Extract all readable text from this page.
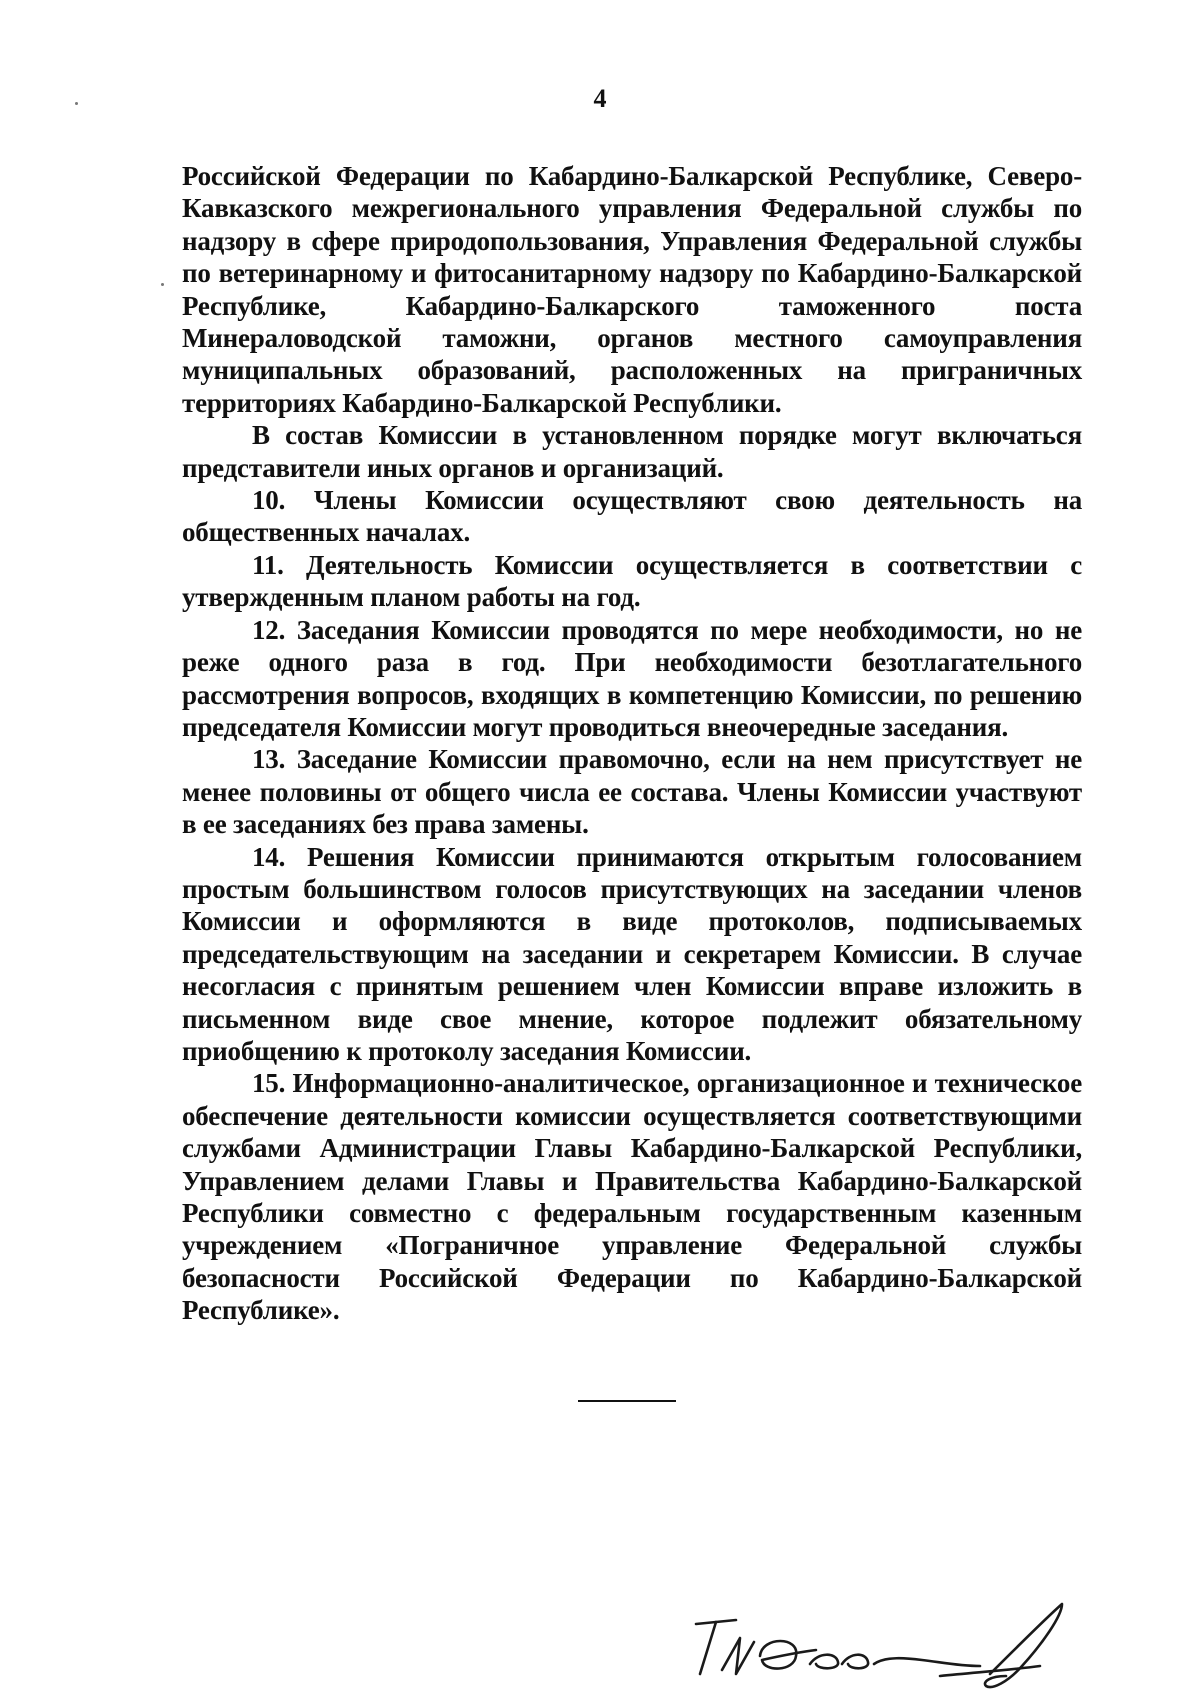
4

Российской Федерации по Кабардино-Балкарской Республике, Северо-Кавказского межрегионального управления Федеральной службы по надзору в сфере природопользования, Управления Федеральной службы по ветеринарному и фитосанитарному надзору по Кабардино-Балкарской Республике, Кабардино-Балкарского таможенного поста Минераловодской таможни, органов местного самоуправления муниципальных образований, расположенных на приграничных территориях Кабардино-Балкарской Республики.

В состав Комиссии в установленном порядке могут включаться представители иных органов и организаций.

10. Члены Комиссии осуществляют свою деятельность на общественных началах.

11. Деятельность Комиссии осуществляется в соответствии с утвержденным планом работы на год.

12. Заседания Комиссии проводятся по мере необходимости, но не реже одного раза в год. При необходимости безотлагательного рассмотрения вопросов, входящих в компетенцию Комиссии, по решению председателя Комиссии могут проводиться внеочередные заседания.

13. Заседание Комиссии правомочно, если на нем присутствует не менее половины от общего числа ее состава. Члены Комиссии участвуют в ее заседаниях без права замены.

14. Решения Комиссии принимаются открытым голосованием простым большинством голосов присутствующих на заседании членов Комиссии и оформляются в виде протоколов, подписываемых председательствующим на заседании и секретарем Комиссии. В случае несогласия с принятым решением член Комиссии вправе изложить в письменном виде свое мнение, которое подлежит обязательному приобщению к протоколу заседания Комиссии.

15. Информационно-аналитическое, организационное и техническое обеспечение деятельности комиссии осуществляется соответствующими службами Администрации Главы Кабардино-Балкарской Республики, Управлением делами Главы и Правительства Кабардино-Балкарской Республики совместно с федеральным государственным казенным учреждением «Пограничное управление Федеральной службы безопасности Российской Федерации по Кабардино-Балкарской Республике».
